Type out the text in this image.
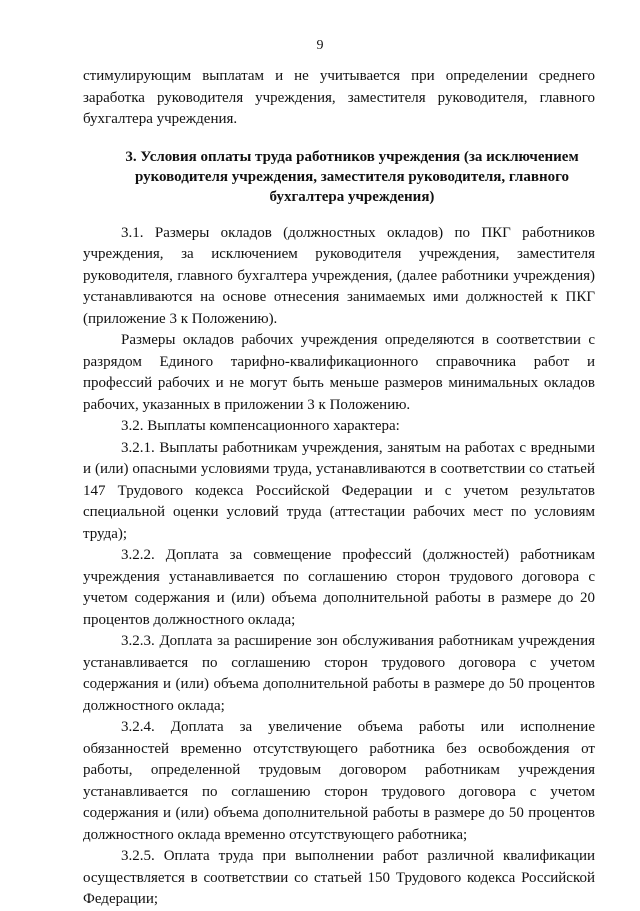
9

стимулирующим выплатам и не учитывается при определении среднего заработка руководителя учреждения, заместителя руководителя, главного бухгалтера учреждения.

3. Условия оплаты труда работников учреждения (за исключением руководителя учреждения, заместителя руководителя, главного бухгалтера учреждения)

3.1. Размеры окладов (должностных окладов) по ПКГ работников учреждения, за исключением руководителя учреждения, заместителя руководителя, главного бухгалтера учреждения, (далее работники учреждения) устанавливаются на основе отнесения занимаемых ими должностей к ПКГ (приложение 3 к Положению).

Размеры окладов рабочих учреждения определяются в соответствии с разрядом Единого тарифно-квалификационного справочника работ и профессий рабочих и не могут быть меньше размеров минимальных окладов рабочих, указанных в приложении 3 к Положению.

3.2. Выплаты компенсационного характера:

3.2.1. Выплаты работникам учреждения, занятым на работах с вредными и (или) опасными условиями труда, устанавливаются в соответствии со статьей 147 Трудового кодекса Российской Федерации и с учетом результатов специальной оценки условий труда (аттестации рабочих мест по условиям труда);

3.2.2. Доплата за совмещение профессий (должностей) работникам учреждения устанавливается по соглашению сторон трудового договора с учетом содержания и (или) объема дополнительной работы в размере до 20 процентов должностного оклада;

3.2.3. Доплата за расширение зон обслуживания работникам учреждения устанавливается по соглашению сторон трудового договора с учетом содержания и (или) объема дополнительной работы в размере до 50 процентов должностного оклада;

3.2.4. Доплата за увеличение объема работы или исполнение обязанностей временно отсутствующего работника без освобождения от работы, определенной трудовым договором работникам учреждения устанавливается по соглашению сторон трудового договора с учетом содержания и (или) объема дополнительной работы в размере до 50 процентов должностного оклада временно отсутствующего работника;

3.2.5. Оплата труда при выполнении работ различной квалификации осуществляется в соответствии со статьей 150 Трудового кодекса Российской Федерации;
